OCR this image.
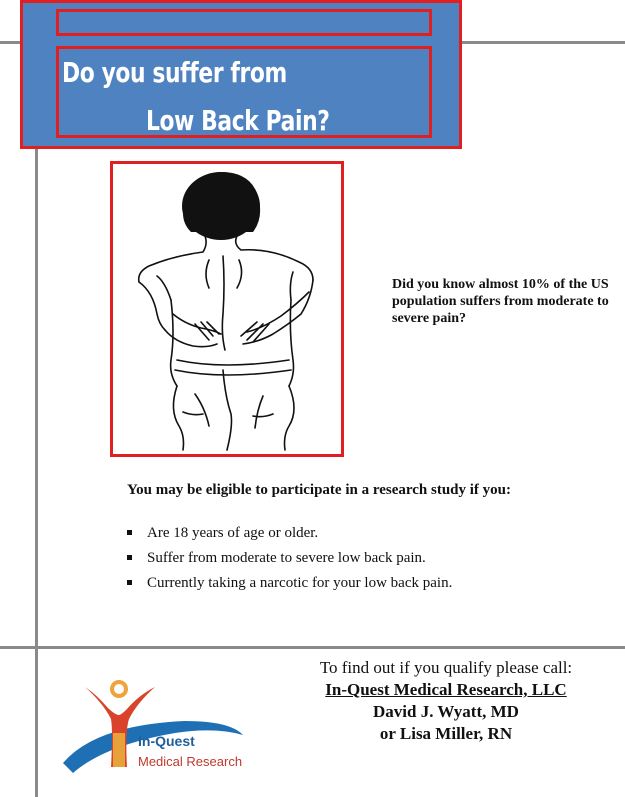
Do you suffer from
Low Back Pain?
Did you know almost 10% of the US population suffers from moderate to severe pain?
You may be eligible to participate in a research study if you:
Are 18 years of age or older.
Suffer from moderate to severe low back pain.
Currently taking a narcotic for your low back pain.
To find out if you qualify please call:
In-Quest Medical Research, LLC
David J. Wyatt, MD
or Lisa Miller, RN
In-Quest
Medical Research
